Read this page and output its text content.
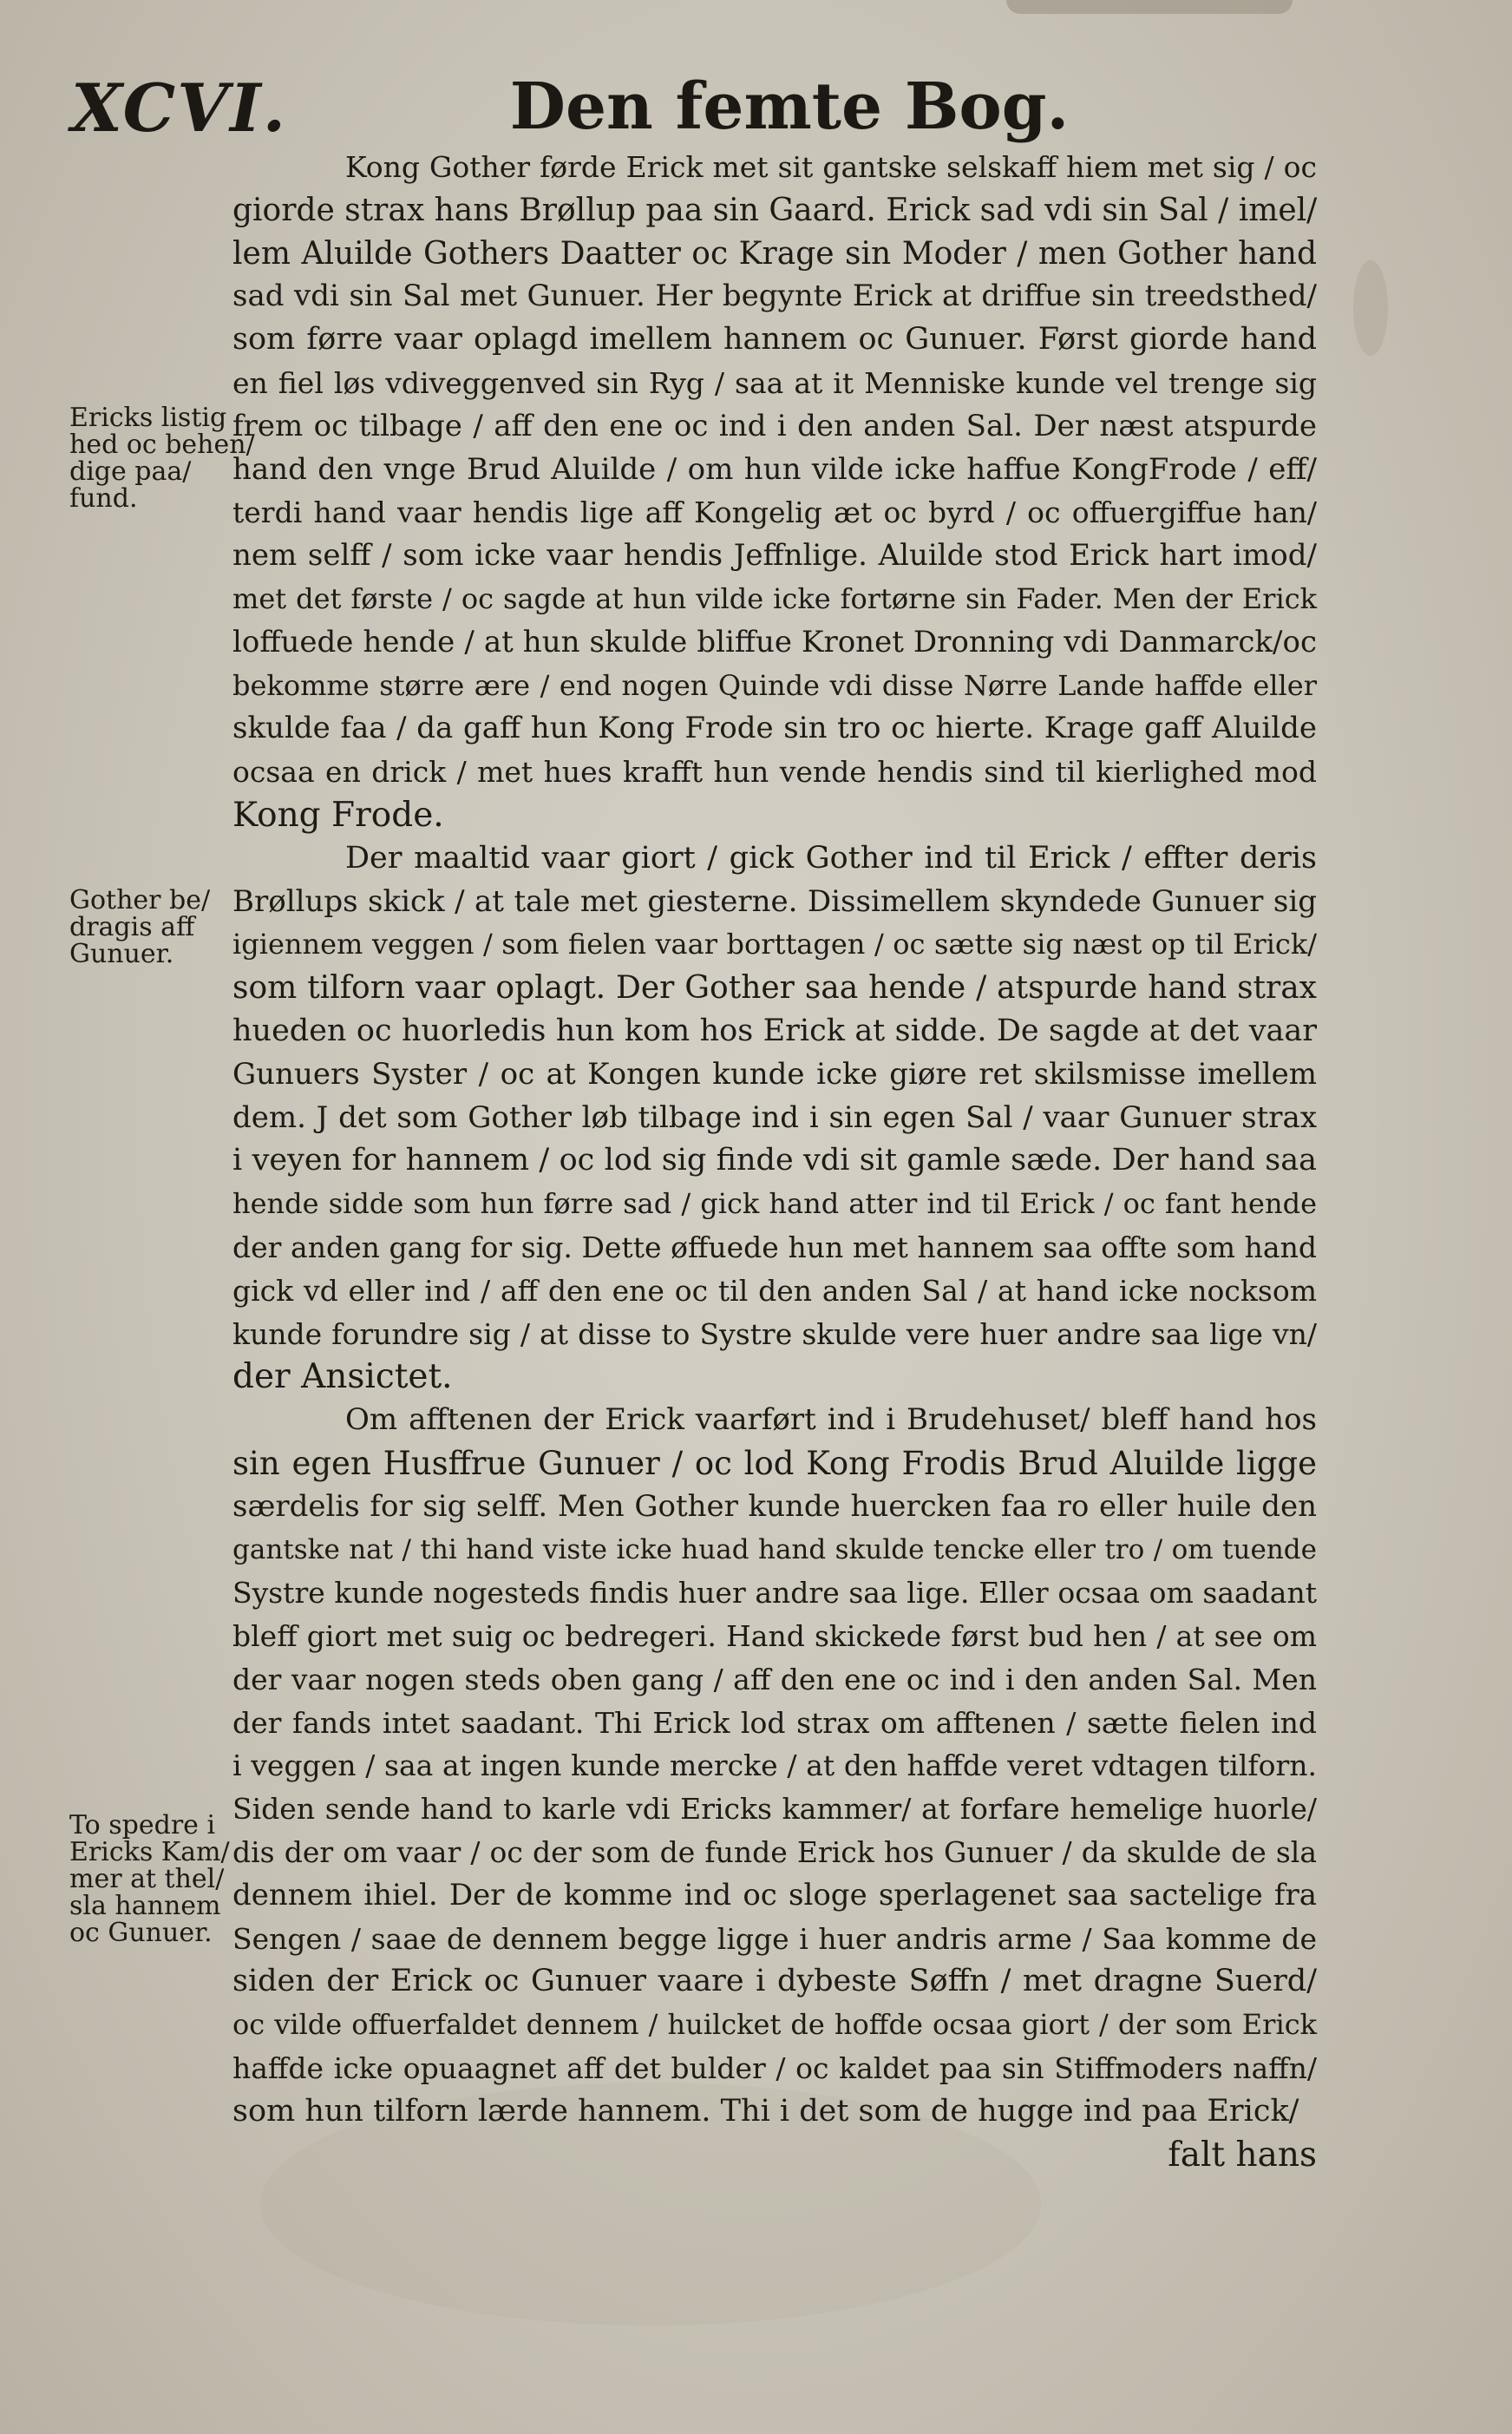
XCVI.	Den femte Bog.
Ericks listig
hed oc behen/
dige paa/
fund.
Gother be/
dragis aff
Gunuer.
To spedre i
Ericks Kam/
mer at thel/
sla hannem
oc Gunuer.
Kong Gother førde Erick met sit gantske selskaff hiem met sig / oc
giorde strax hans Brøllup paa sin Gaard. Erick sad vdi sin Sal / imel/
lem Aluilde Gothers Daatter oc Krage sin Moder / men Gother hand
sad vdi sin Sal met Gunuer. Her begynte Erick at driffue sin treedsthed/
som førre vaar oplagd imellem hannem oc Gunuer. Først giorde hand
en fiel løs vdiveggenved sin Ryg / saa at it Menniske kunde vel trenge sig
frem oc tilbage / aff den ene oc ind i den anden Sal. Der næst atspurde
hand den vnge Brud Aluilde / om hun vilde icke haffue KongFrode / eff/
terdi hand vaar hendis lige aff Kongelig æt oc byrd / oc offuergiffue han/
nem selff / som icke vaar hendis Jeffnlige. Aluilde stod Erick hart imod/
met det første / oc sagde at hun vilde icke fortørne sin Fader. Men der Erick
loffuede hende / at hun skulde bliffue Kronet Dronning vdi Danmarck/oc
bekomme større ære / end nogen Quinde vdi disse Nørre Lande haffde eller
skulde faa / da gaff hun Kong Frode sin tro oc hierte. Krage gaff Aluilde
ocsaa en drick / met hues krafft hun vende hendis sind til kierlighed mod
Kong Frode.
Der maaltid vaar giort / gick Gother ind til Erick / effter deris
Brøllups skick / at tale met giesterne. Dissimellem skyndede Gunuer sig
igiennem veggen / som fielen vaar borttagen / oc sætte sig næst op til Erick/
som tilforn vaar oplagt. Der Gother saa hende / atspurde hand strax
hueden oc huorledis hun kom hos Erick at sidde. De sagde at det vaar
Gunuers Syster / oc at Kongen kunde icke giøre ret skilsmisse imellem
dem. J det som Gother løb tilbage ind i sin egen Sal / vaar Gunuer strax
i veyen for hannem / oc lod sig finde vdi sit gamle sæde. Der hand saa
hende sidde som hun førre sad / gick hand atter ind til Erick / oc fant hende
der anden gang for sig. Dette øffuede hun met hannem saa offte som hand
gick vd eller ind / aff den ene oc til den anden Sal / at hand icke nocksom
kunde forundre sig / at disse to Systre skulde vere huer andre saa lige vn/
der Ansictet.
Om afftenen der Erick vaarført ind i Brudehuset/ bleff hand hos
sin egen Husffrue Gunuer / oc lod Kong Frodis Brud Aluilde ligge
særdelis for sig selff. Men Gother kunde huercken faa ro eller huile den
gantske nat / thi hand viste icke huad hand skulde tencke eller tro / om tuende
Systre kunde nogesteds findis huer andre saa lige. Eller ocsaa om saadant
bleff giort met suig oc bedregeri. Hand skickede først bud hen / at see om
der vaar nogen steds oben gang / aff den ene oc ind i den anden Sal. Men
der fands intet saadant. Thi Erick lod strax om afftenen / sætte fielen ind
i veggen / saa at ingen kunde mercke / at den haffde veret vdtagen tilforn.
Siden sende hand to karle vdi Ericks kammer/ at forfare hemelige huorle/
dis der om vaar / oc der som de funde Erick hos Gunuer / da skulde de sla
dennem ihiel. Der de komme ind oc sloge sperlagenet saa sactelige fra
Sengen / saae de dennem begge ligge i huer andris arme / Saa komme de
siden der Erick oc Gunuer vaare i dybeste Søffn / met dragne Suerd/
oc vilde offuerfaldet dennem / huilcket de hoffde ocsaa giort / der som Erick
haffde icke opuaagnet aff det bulder / oc kaldet paa sin Stiffmoders naffn/
som hun tilforn lærde hannem. Thi i det som de hugge ind paa Erick/
falt hans
